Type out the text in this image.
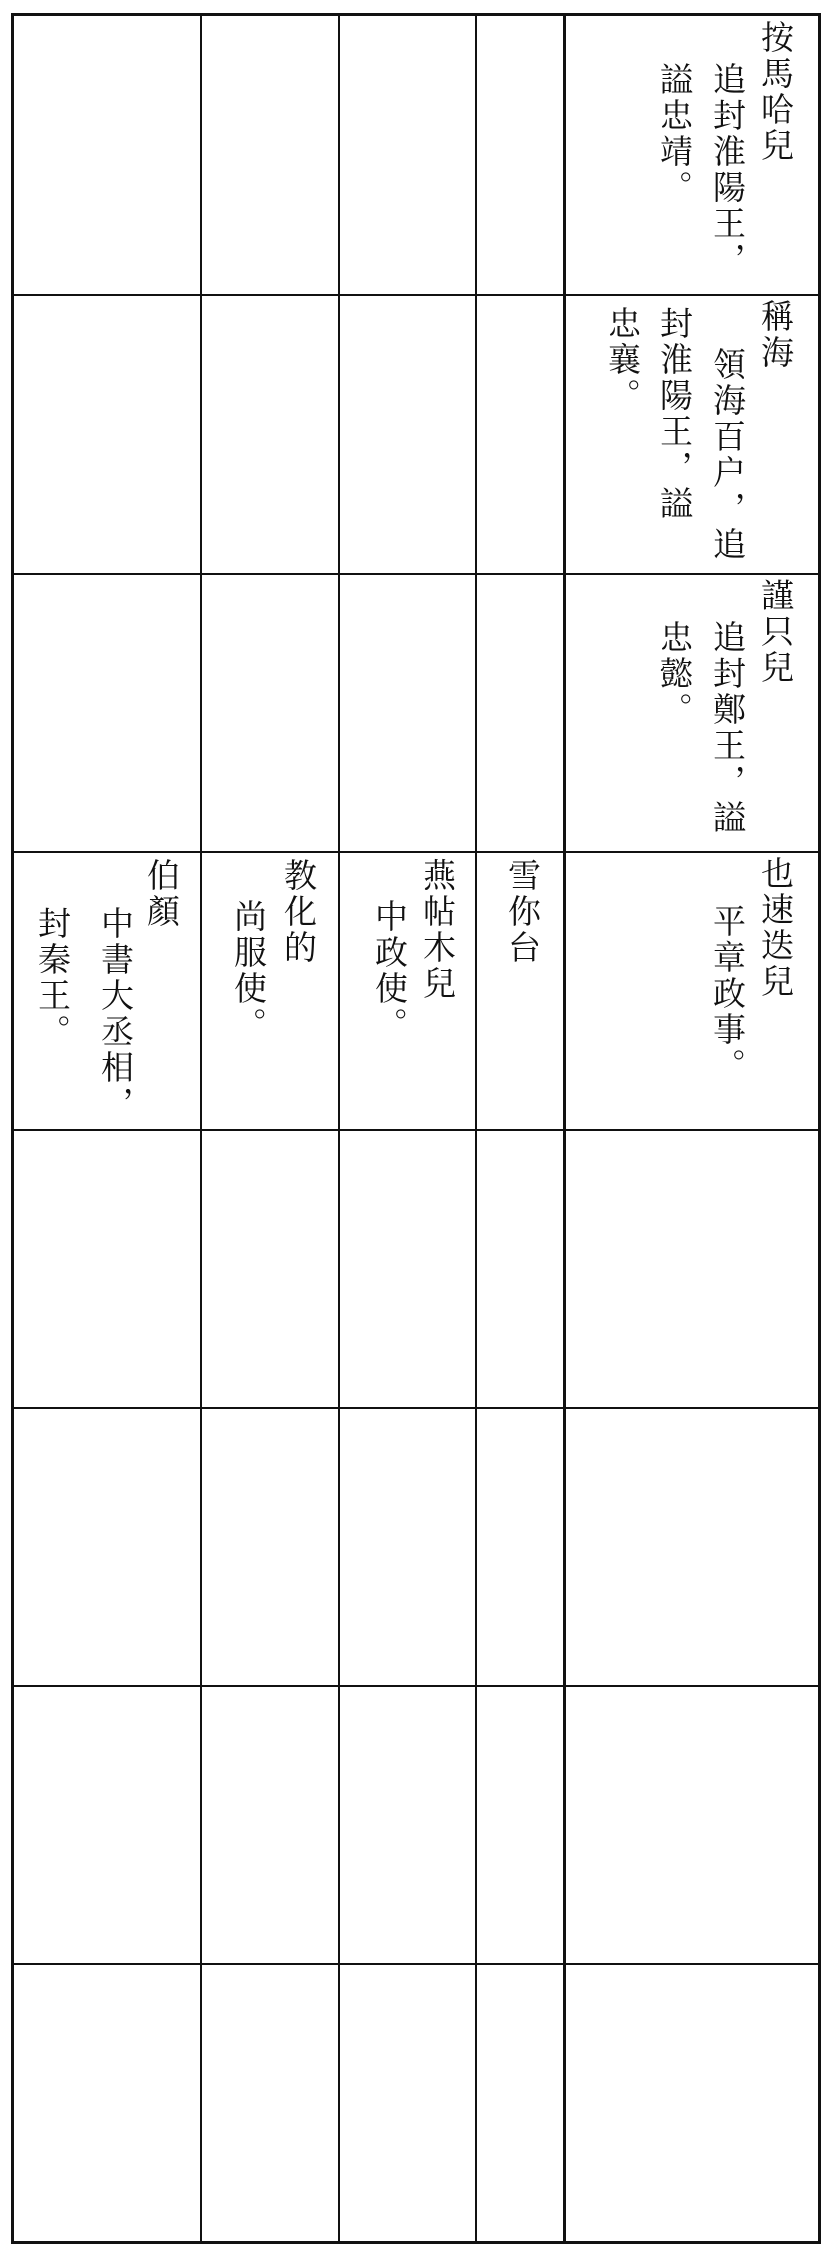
按馬哈兒
追封淮陽王，
謚忠靖。
稱海
領海百户，追
封淮陽王，謚
忠襄。
謹只兒
追封鄭王，謚
忠懿。
也速迭兒
平章政事。
雪你台
燕帖木兒
中政使。
教化的
尚服使。
伯顏
中書大丞相，
封秦王。
